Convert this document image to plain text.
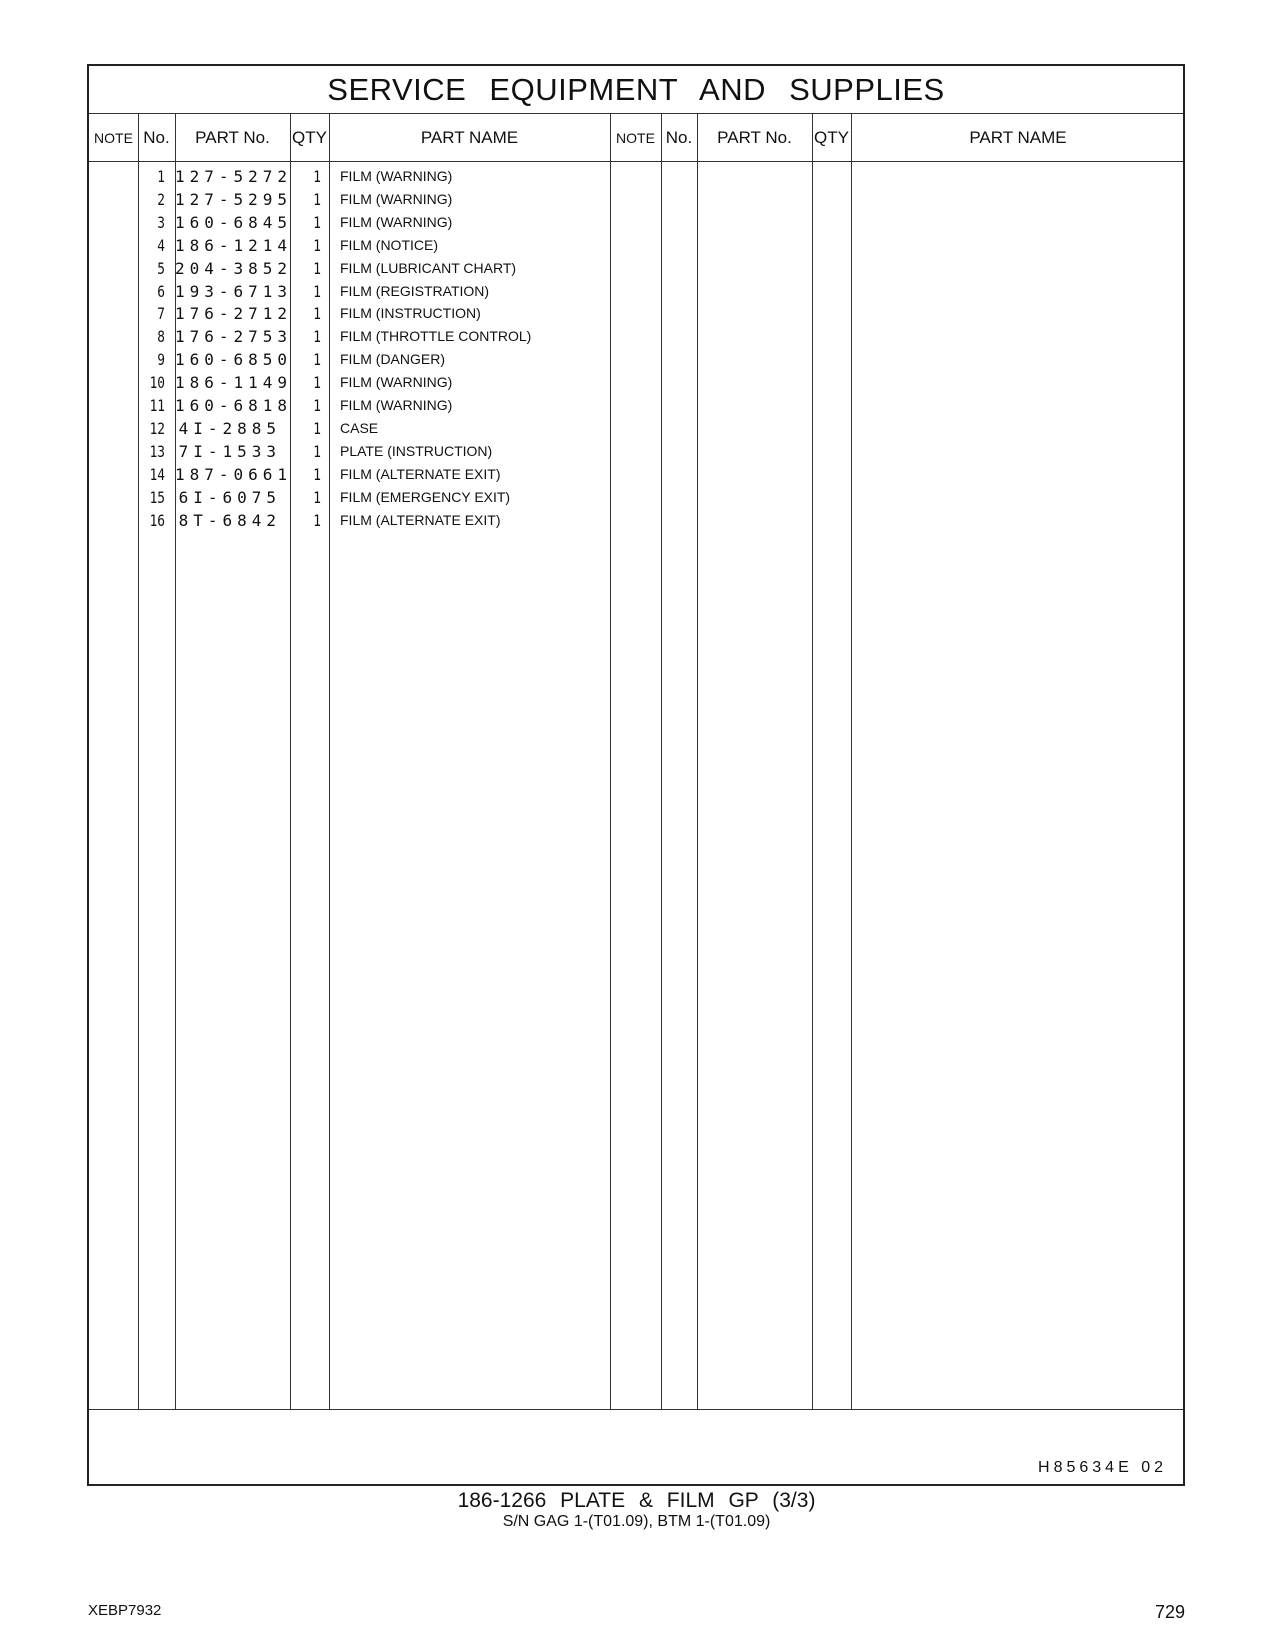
SERVICE EQUIPMENT AND SUPPLIES
NOTE No.	PART No.	QTY	PART NAME	NOTE No.	PART No.	QTY	PART NAME
1 127-5272	1 FILM (WARNING)
2 127-5295	1 FILM (WARNING)
3 160-6845	1 FILM (WARNING)
4 186-1214	1 FILM (NOTICE)
5 204-3852	1 FILM (LUBRICANT CHART)
6 193-6713	1 FILM (REGISTRATION)
7 176-2712	1 FILM (INSTRUCTION)
8 176-2753	1 FILM (THROTTLE CONTROL)
9 160-6850	1 FILM (DANGER)
10 186-1149	1 FILM (WARNING)
11 160-6818	1 FILM (WARNING)
12 4I-2885	1 CASE
13 7I-1533	1 PLATE (INSTRUCTION)
14 187-0661	1 FILM (ALTERNATE EXIT)
15 6I-6075	1 FILM (EMERGENCY EXIT)
16 8T-6842	1 FILM (ALTERNATE EXIT)
H85634E 02
186-1266 PLATE & FILM GP (3/3)
S/N GAG 1-(T01.09), BTM 1-(T01.09)
XEBP7932	729
